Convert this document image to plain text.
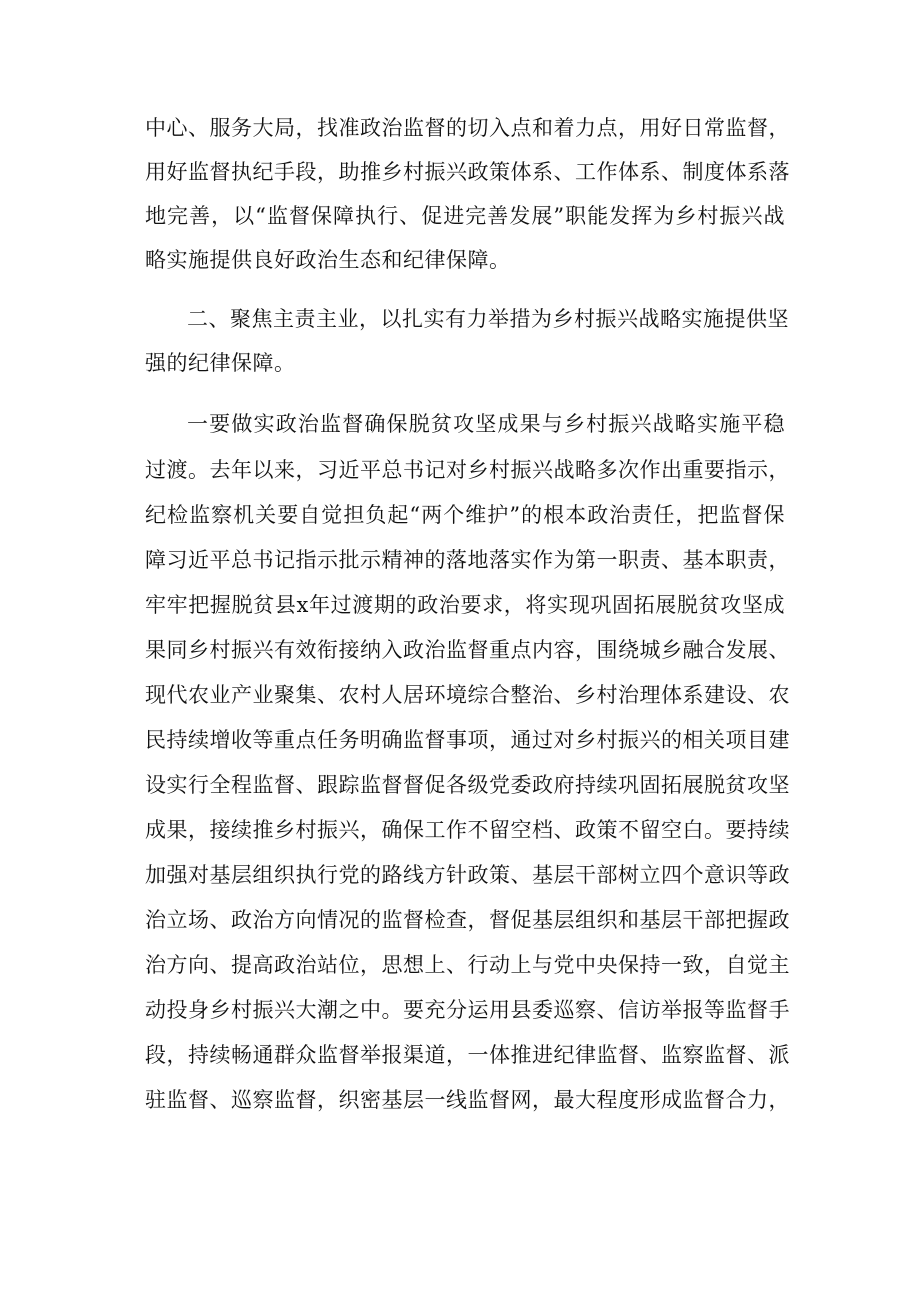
中心、服务大局，找准政治监督的切入点和着力点，用好日常监督，
用好监督执纪手段，助推乡村振兴政策体系、工作体系、制度体系落
地完善，以“监督保障执行、促进完善发展”职能发挥为乡村振兴战
略实施提供良好政治生态和纪律保障。
二、聚焦主责主业，以扎实有力举措为乡村振兴战略实施提供坚
强的纪律保障。
一要做实政治监督确保脱贫攻坚成果与乡村振兴战略实施平稳
过渡。去年以来，习近平总书记对乡村振兴战略多次作出重要指示，
纪检监察机关要自觉担负起“两个维护”的根本政治责任，把监督保
障习近平总书记指示批示精神的落地落实作为第一职责、基本职责，
牢牢把握脱贫县x年过渡期的政治要求，将实现巩固拓展脱贫攻坚成
果同乡村振兴有效衔接纳入政治监督重点内容，围绕城乡融合发展、
现代农业产业聚集、农村人居环境综合整治、乡村治理体系建设、农
民持续增收等重点任务明确监督事项，通过对乡村振兴的相关项目建
设实行全程监督、跟踪监督督促各级党委政府持续巩固拓展脱贫攻坚
成果，接续推乡村振兴，确保工作不留空档、政策不留空白。要持续
加强对基层组织执行党的路线方针政策、基层干部树立四个意识等政
治立场、政治方向情况的监督检查，督促基层组织和基层干部把握政
治方向、提高政治站位，思想上、行动上与党中央保持一致，自觉主
动投身乡村振兴大潮之中。要充分运用县委巡察、信访举报等监督手
段，持续畅通群众监督举报渠道，一体推进纪律监督、监察监督、派
驻监督、巡察监督，织密基层一线监督网，最大程度形成监督合力，
